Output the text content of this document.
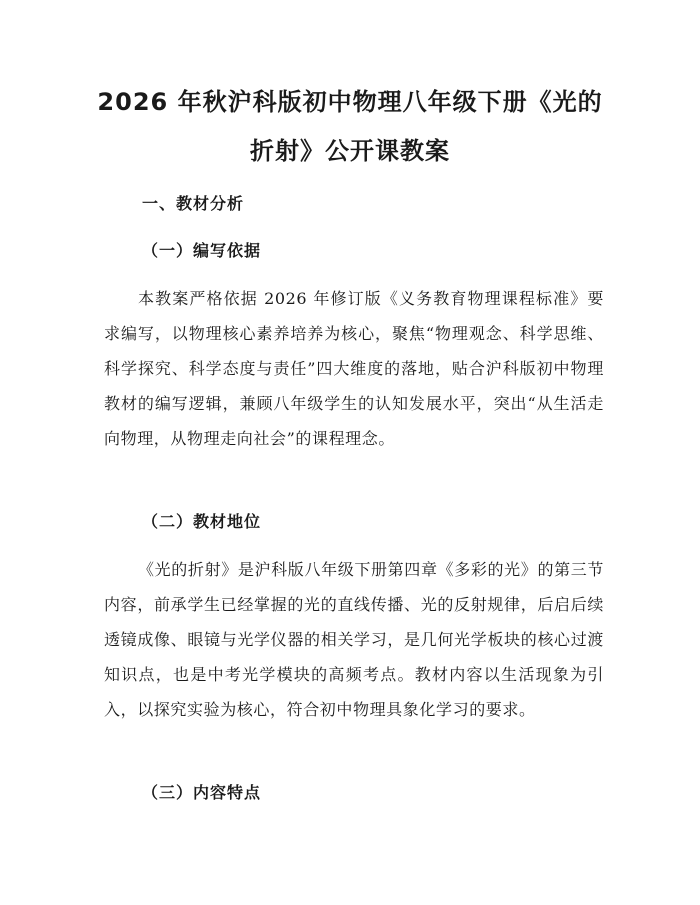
2026 年秋沪科版初中物理八年级下册《光的
折射》公开课教案
一、教材分析
（一）编写依据

本教案严格依据 2026 年修订版《义务教育物理课程标准》要求编写，以物理核心素养培养为核心，聚焦“物理观念、科学思维、科学探究、科学态度与责任”四大维度的落地，贴合沪科版初中物理教材的编写逻辑，兼顾八年级学生的认知发展水平，突出“从生活走向物理，从物理走向社会”的课程理念。

（二）教材地位

《光的折射》是沪科版八年级下册第四章《多彩的光》的第三节内容，前承学生已经掌握的光的直线传播、光的反射规律，后启后续透镜成像、眼镜与光学仪器的相关学习，是几何光学板块的核心过渡知识点，也是中考光学模块的高频考点。教材内容以生活现象为引入，以探究实验为核心，符合初中物理具象化学习的要求。

（三）内容特点
